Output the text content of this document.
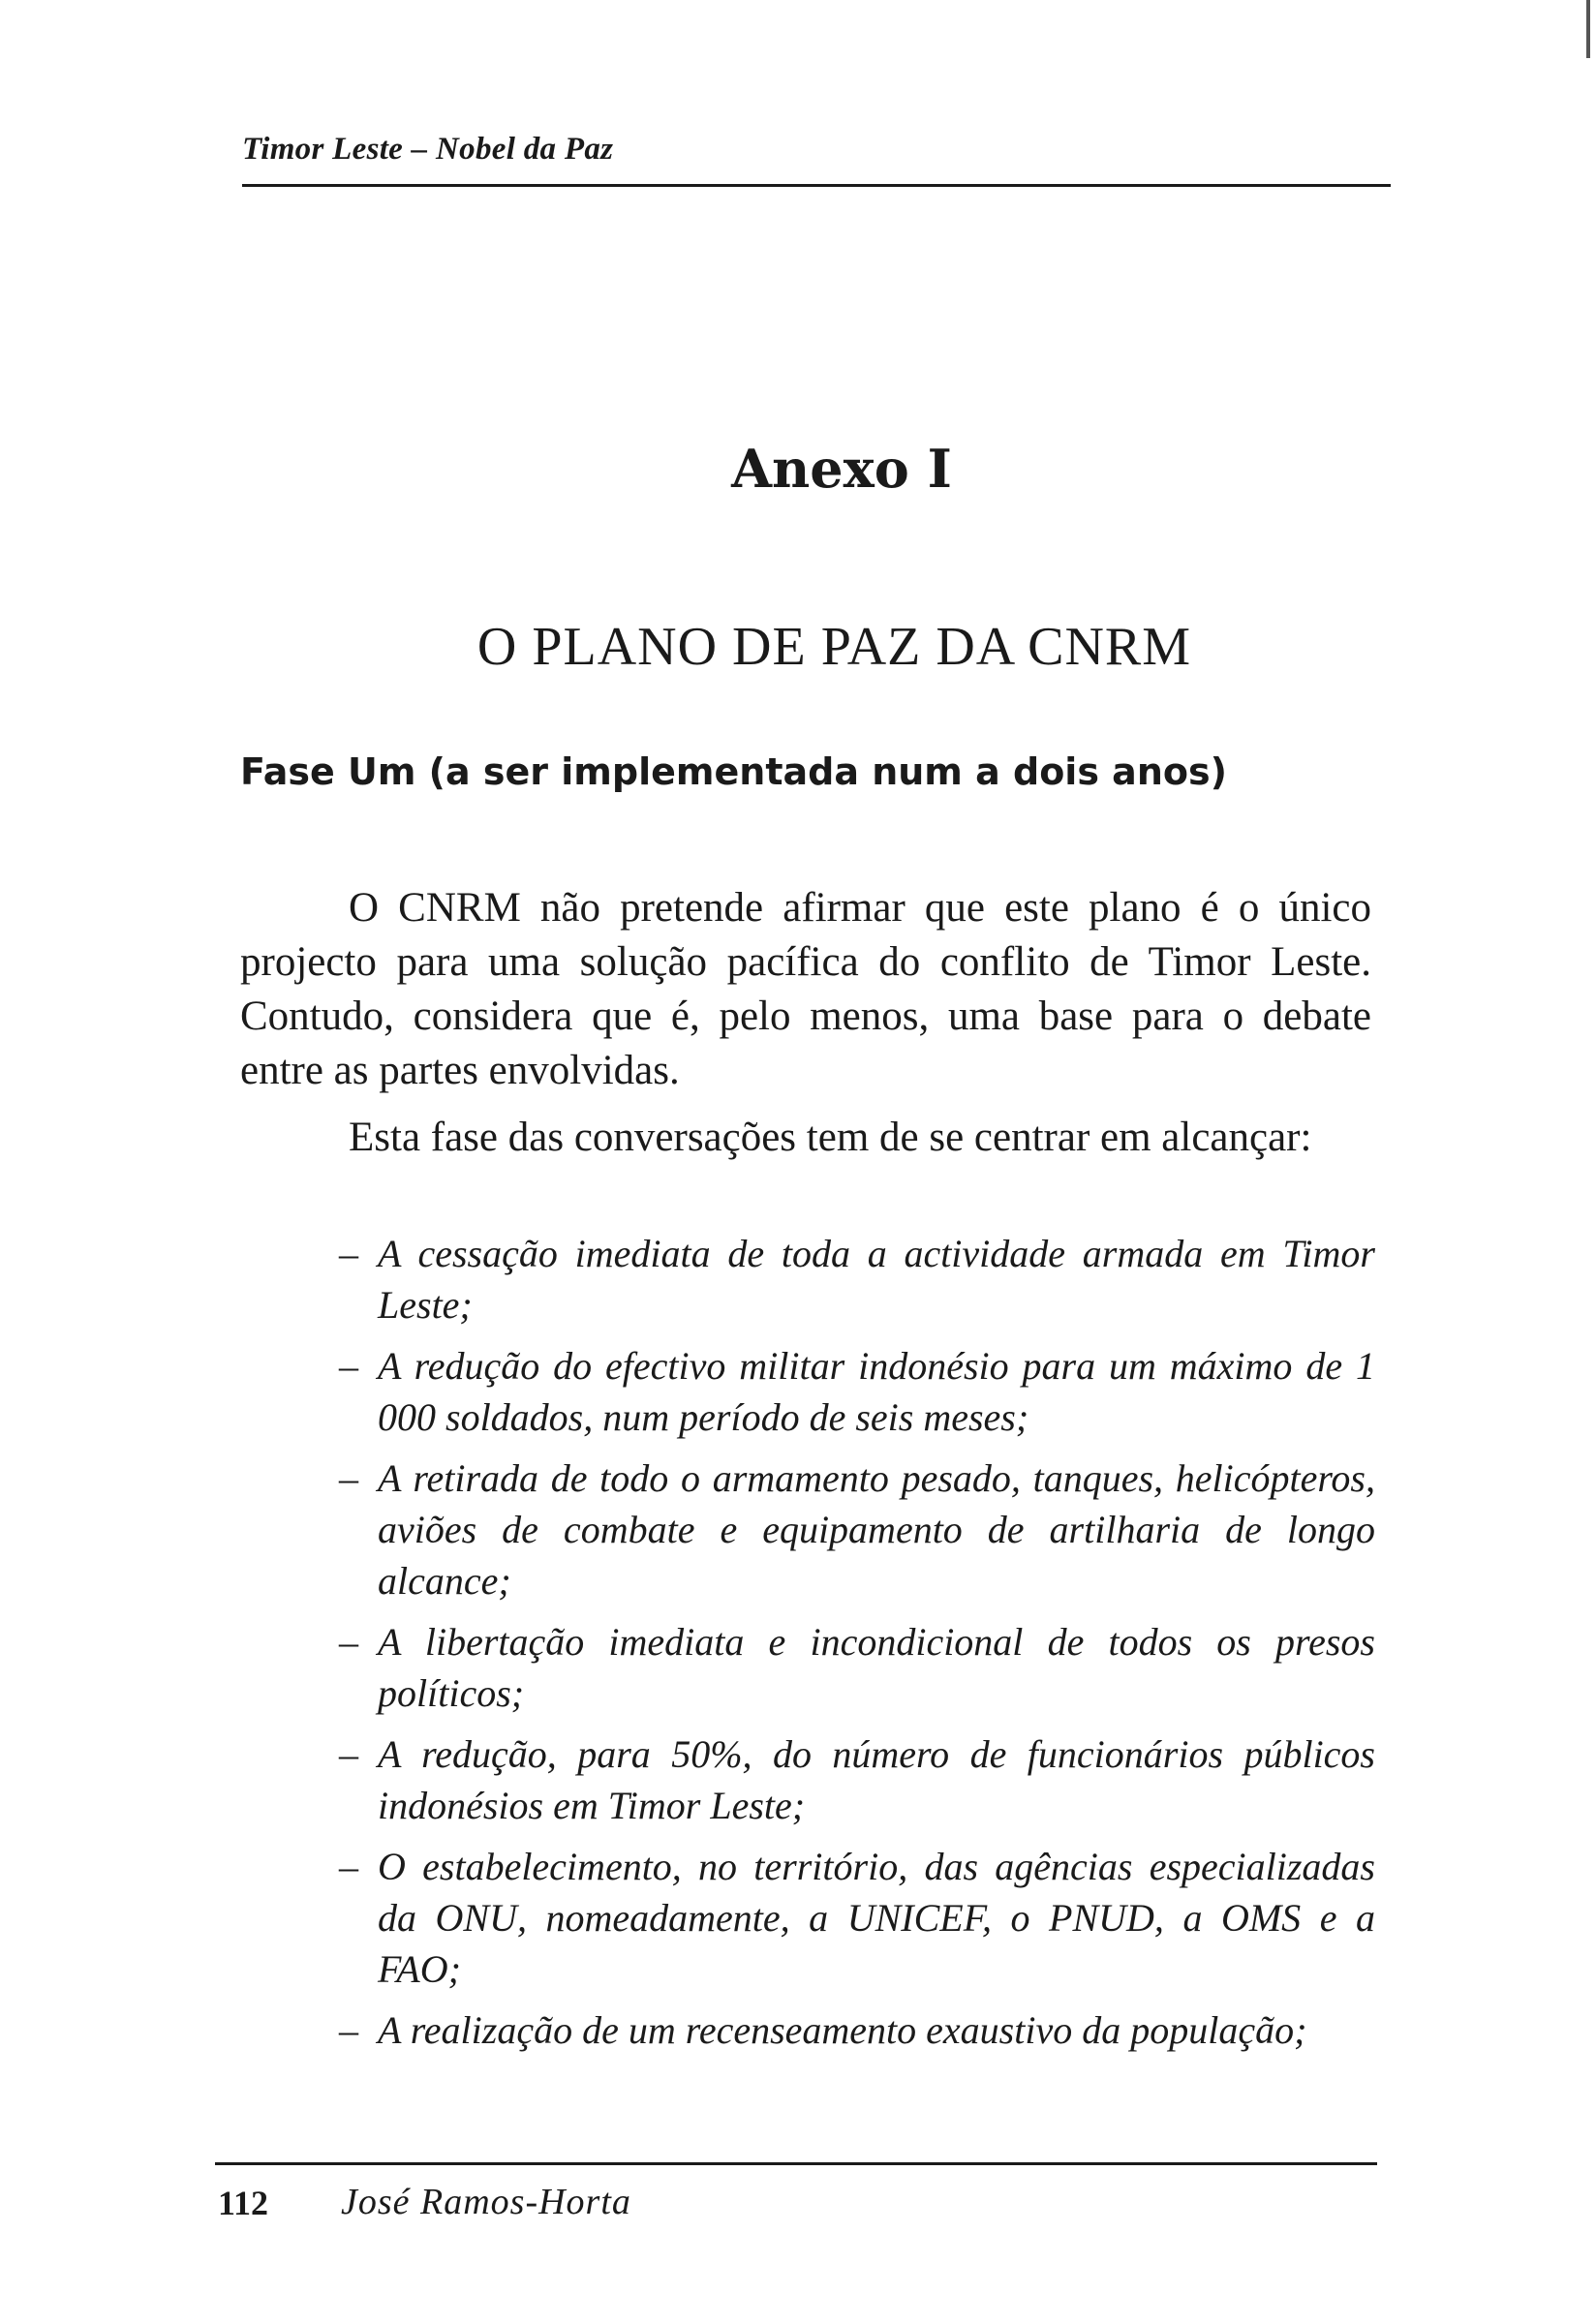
Timor Leste – Nobel da Paz
Anexo I
O PLANO DE PAZ DA CNRM
Fase Um (a ser implementada num a dois anos)

O CNRM não pretende afirmar que este plano é o único projecto para uma solução pacífica do conflito de Timor Leste. Contudo, considera que é, pelo menos, uma base para o debate entre as partes envolvidas.

Esta fase das conversações tem de se centrar em alcançar:

– A cessação imediata de toda a actividade armada em Timor Leste;
– A redução do efectivo militar indonésio para um máximo de 1 000 soldados, num período de seis meses;
– A retirada de todo o armamento pesado, tanques, helicópteros, aviões de combate e equipamento de artilharia de longo alcance;
– A libertação imediata e incondicional de todos os presos políticos;
– A redução, para 50%, do número de funcionários públicos indonésios em Timor Leste;
– O estabelecimento, no território, das agências especializadas da ONU, nomeadamente, a UNICEF, o PNUD, a OMS e a FAO;
– A realização de um recenseamento exaustivo da população;
112 José Ramos-Horta
